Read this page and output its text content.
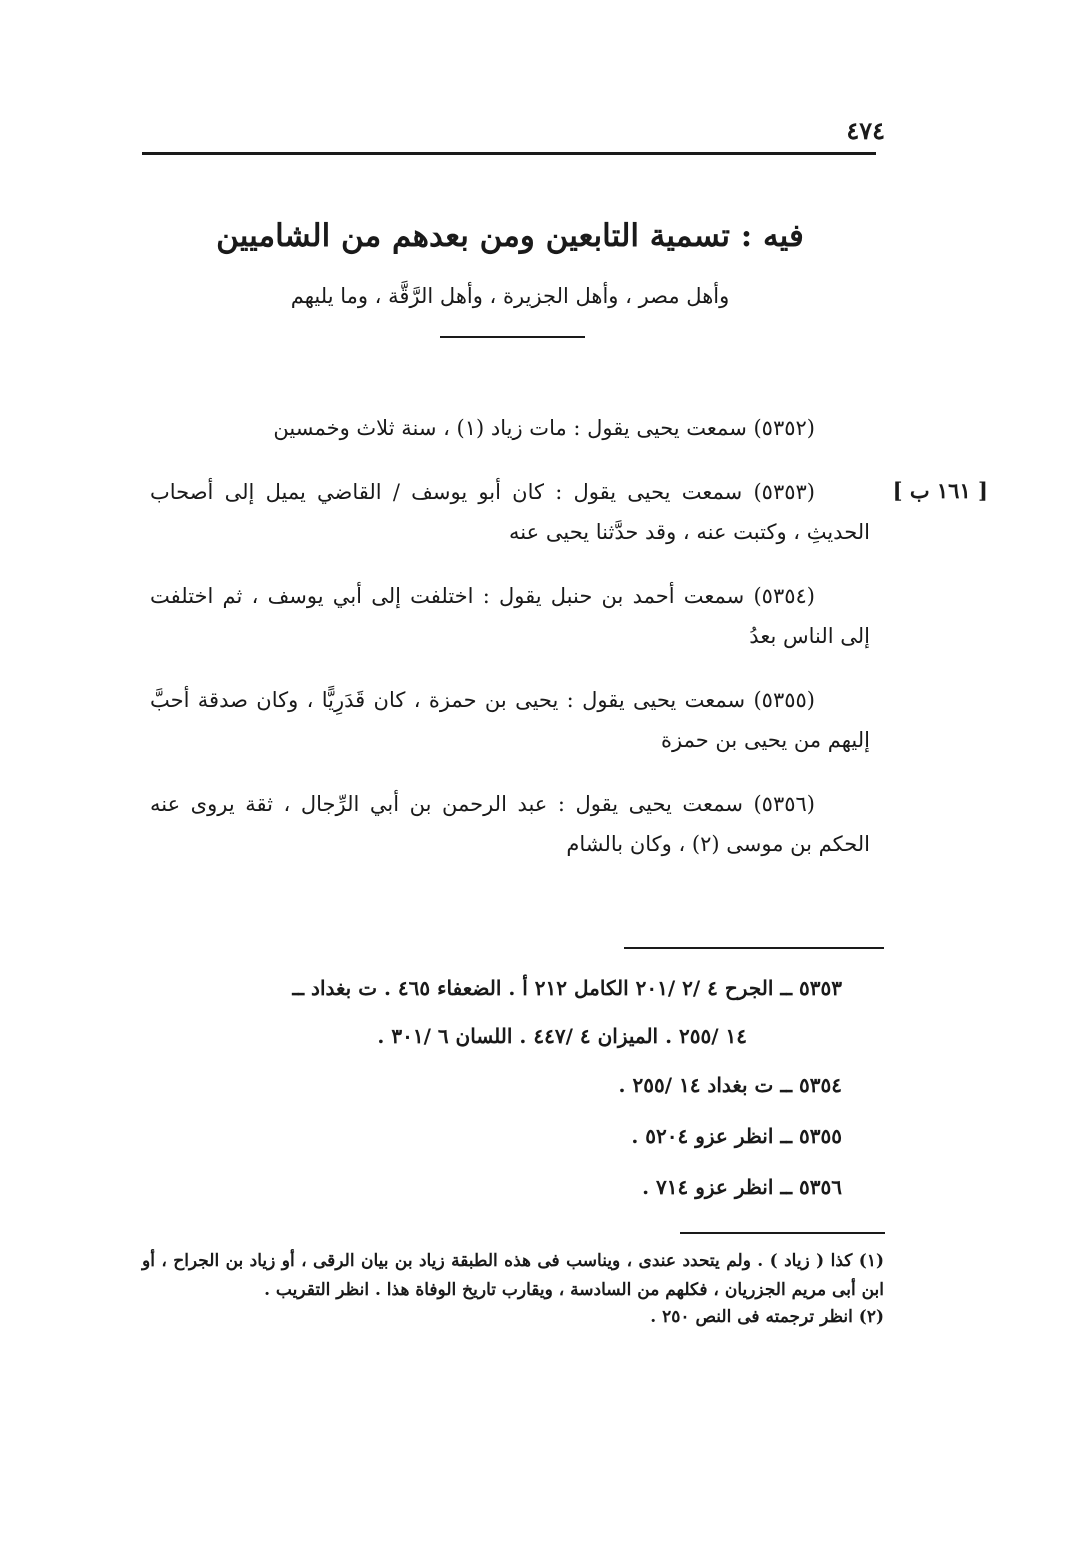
٤٧٤
فيه : تسمية التابعين ومن بعدهم من الشاميين
وأهل مصر ، وأهل الجزيرة ، وأهل الرَّقَّة ، وما يليهم
[ ١٦١ ب ]

(٥٣٥٢) سمعت يحيى يقول : مات زياد (١) ، سنة ثلاث وخمسين

(٥٣٥٣) سمعت يحيى يقول : كان أبو يوسف / القاضي يميل إلى أصحاب الحديثِ ، وكتبت عنه ، وقد حدَّثنا يحيى عنه

(٥٣٥٤) سمعت أحمد بن حنبل يقول : اختلفت إلى أبي يوسف ، ثم اختلفت إلى الناس بعدُ

(٥٣٥٥) سمعت يحيى يقول : يحيى بن حمزة ، كان قَدَرِيًّا ، وكان صدقة أحبَّ إليهم من يحيى بن حمزة

(٥٣٥٦) سمعت يحيى يقول : عبد الرحمن بن أبي الرِّجال ، ثقة يروى عنه الحكم بن موسى (٢) ، وكان بالشام

٥٣٥٣ ــ الجرح ٤ /٢ /٢٠١ الكامل ٢١٢ أ . الضعفاء ٤٦٥ . ت بغداد ــ
١٤ /٢٥٥ . الميزان ٤ /٤٤٧ . اللسان ٦ /٣٠١ .
٥٣٥٤ ــ ت بغداد ١٤ /٢٥٥ .
٥٣٥٥ ــ انظر عزو ٥٢٠٤ .
٥٣٥٦ ــ انظر عزو ٧١٤ .
(١) كذا ( زياد ) . ولم يتحدد عندى ، ويناسب فى هذه الطبقة زياد بن بيان الرقى ، أو زياد بن الجراح ، أو ابن أبى مريم الجزريان ، فكلهم من السادسة ، ويقارب تاريخ الوفاة هذا . انظر التقريب .
(٢) انظر ترجمته فى النص ٢٥٠ .
